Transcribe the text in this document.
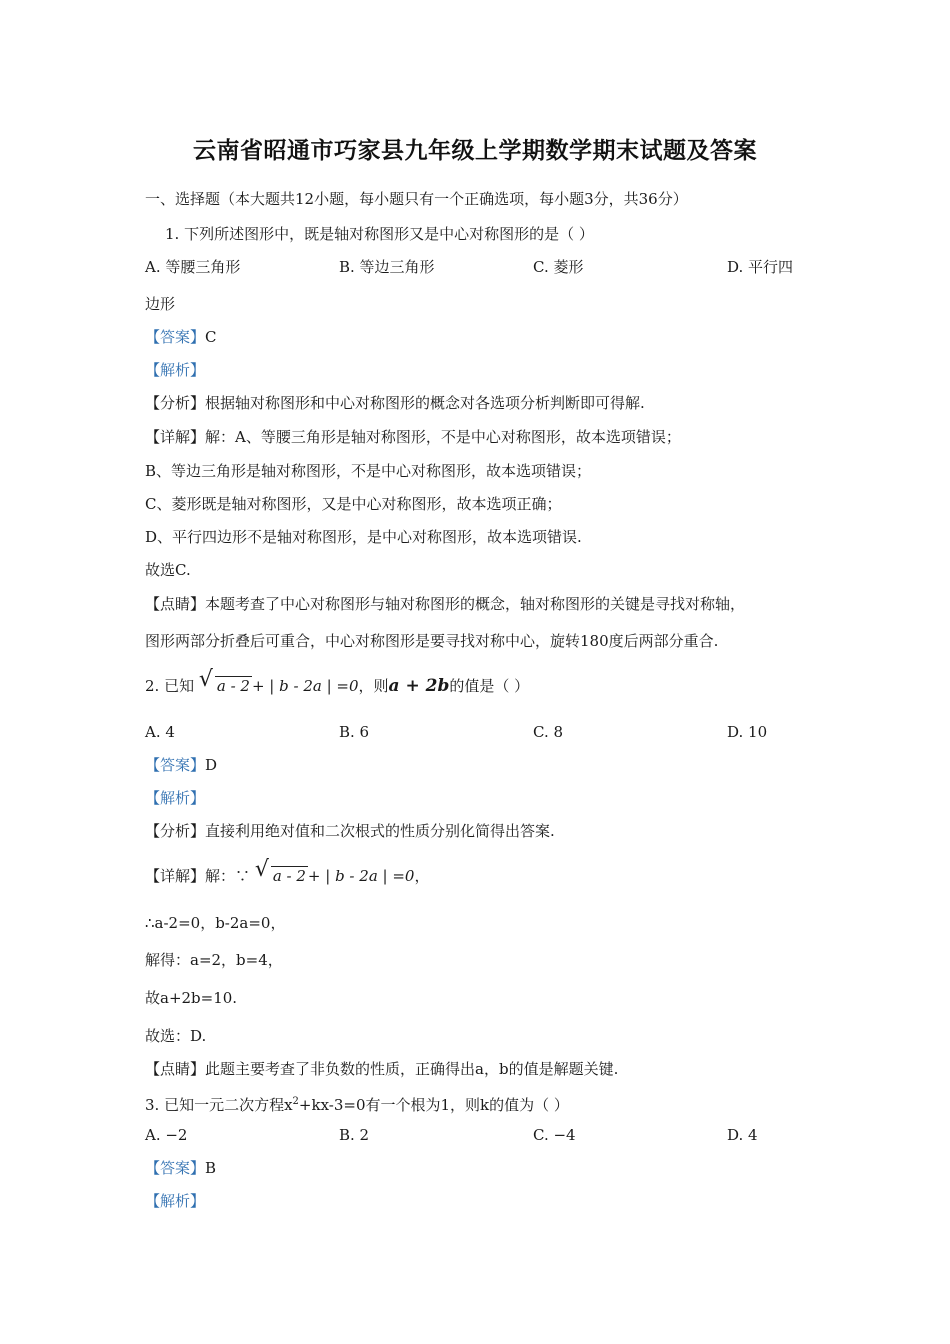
云南省昭通市巧家县九年级上学期数学期末试题及答案
一、选择题（本大题共12小题，每小题只有一个正确选项，每小题3分，共36分）
1. 下列所述图形中，既是轴对称图形又是中心对称图形的是（ ）
A. 等腰三角形	B. 等边三角形	C. 菱形	D. 平行四
边形
【答案】C
【解析】
【分析】根据轴对称图形和中心对称图形的概念对各选项分析判断即可得解.
【详解】解：A、等腰三角形是轴对称图形，不是中心对称图形，故本选项错误；
B、等边三角形是轴对称图形，不是中心对称图形，故本选项错误；
C、菱形既是轴对称图形，又是中心对称图形，故本选项正确；
D、平行四边形不是轴对称图形，是中心对称图形，故本选项错误.
故选C.
【点睛】本题考查了中心对称图形与轴对称图形的概念，轴对称图形的关键是寻找对称轴，
图形两部分折叠后可重合，中心对称图形是要寻找对称中心，旋转180度后两部分重合.
2. 已知 √ a - 2 + | b - 2a | =0，则a + 2b的值是（ ）
A. 4	B. 6	C. 8	D. 10
【答案】D
【解析】
【分析】直接利用绝对值和二次根式的性质分别化简得出答案.
【详解】解：∵ √ a - 2 + | b - 2a | =0，
∴a-2=0，b-2a=0，
解得：a=2，b=4，
故a+2b=10.
故选：D.
【点睛】此题主要考查了非负数的性质，正确得出a，b的值是解题关键.
3. 已知一元二次方程$x^2+kx-3=0$有一个根为1，则k的值为（ ）
A. −2	B. 2	C. −4	D. 4
【答案】B
【解析】
